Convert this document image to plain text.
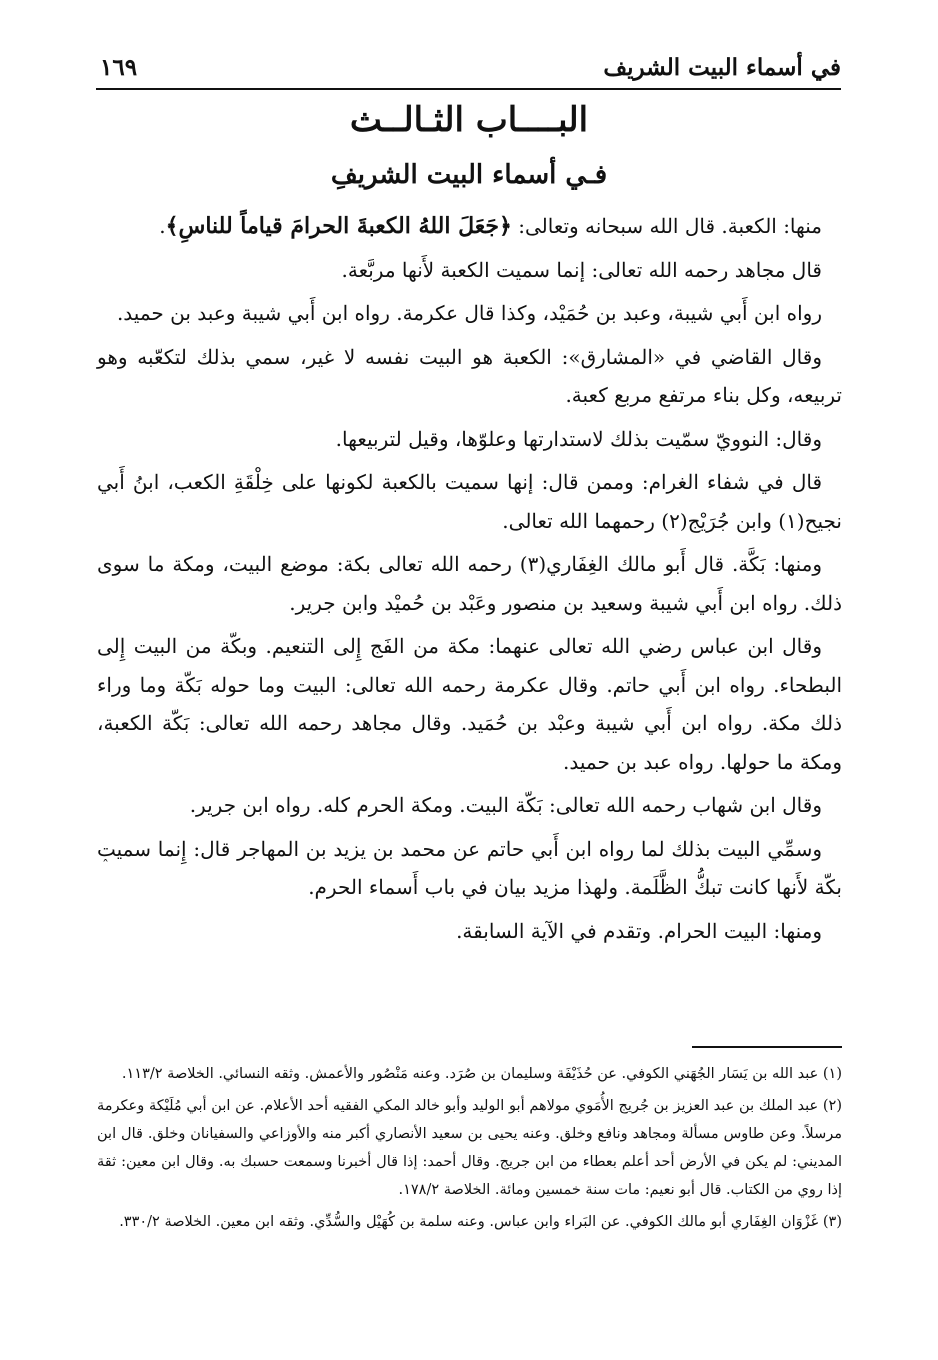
في أسماء البيت الشريف
١٦٩
البــــاب الثـالــث
فـي أسماء البيت الشريفِ

منها: الكعبة. قال الله سبحانه وتعالى: ﴿جَعَلَ اللهُ الكعبةَ الحرامَ قياماً للناسِ﴾.

قال مجاهد رحمه الله تعالى: إنما سميت الكعبة لأَنها مربَّعة.

رواه ابن أَبي شيبة، وعبد بن حُمَيْد، وكذا قال عكرمة. رواه ابن أَبي شيبة وعبد بن حميد.

وقال القاضي في «المشارق»: الكعبة هو البيت نفسه لا غير، سمي بذلك لتكعّبه وهو تربيعه، وكل بناء مرتفع مربع كعبة.

وقال: النوويّ سمّيت بذلك لاستدارتها وعلوّها، وقيل لتربيعها.

قال في شفاء الغرام: وممن قال: إنها سميت بالكعبة لكونها على خِلْقَةِ الكعب، ابنُ أَبي نجيح(١) وابن جُرَيْج(٢) رحمهما الله تعالى.

ومنها: بَكَّة. قال أَبو مالك الغِفَاري(٣) رحمه الله تعالى بكة: موضع البيت، ومكة ما سوى ذلك. رواه ابن أَبي شيبة وسعيد بن منصور وعَبْد بن حُميْد وابن جرير.

وقال ابن عباس رضي الله تعالى عنهما: مكة من الفَج إِلى التنعيم. وبكّة من البيت إِلى البطحاء. رواه ابن أَبي حاتم. وقال عكرمة رحمه الله تعالى: البيت وما حوله بَكّة وما وراء ذلك مكة. رواه ابن أَبي شيبة وعبْد بن حُمَيد. وقال مجاهد رحمه الله تعالى: بَكّة الكعبة، ومكة ما حولها. رواه عبد بن حميد.

وقال ابن شهاب رحمه الله تعالى: بَكّة البيت. ومكة الحرم كله. رواه ابن جرير.

وسمِّي البيت بذلك لما رواه ابن أَبي حاتم عن محمد بن يزيد بن المهاجر قال: إِنما سميت بكّة لأَنها كانت تبكُّ الظَّلَمة. ولهذا مزيد بيان في باب أَسماء الحرم.

ومنها: البيت الحرام. وتقدم في الآية السابقة.

ˆ

(١) عبد الله بن يَسَار الجُهَني الكوفي. عن حُذَيْفَة وسليمان بن صُرَد. وعنه مَنْصُور والأعمش. وثقه النسائي. الخلاصة ١١٣/٢.

(٢) عبد الملك بن عبد العزيز بن جُريج الأُمَوي مولاهم أبو الوليد وأبو خالد المكي الفقيه أحد الأعلام. عن ابن أبي مُلَيْكة وعكرمة مرسلاً. وعن طاوس مسألة ومجاهد ونافع وخلق. وعنه يحيى بن سعيد الأنصاري أكبر منه والأوزاعي والسفيانان وخلق. قال ابن المديني: لم يكن في الأرض أحد أعلم بعطاء من ابن جريج. وقال أحمد: إذا قال أخبرنا وسمعت حسبك به. وقال ابن معين: ثقة إذا روي من الكتاب. قال أبو نعيم: مات سنة خمسين ومائة. الخلاصة ١٧٨/٢.

(٣) غَزْوَان الغِفَاري أبو مالك الكوفي. عن البَراء وابن عباس. وعنه سلمة بن كُهَيْل والسُّدِّي. وثقه ابن معين. الخلاصة ٣٣٠/٢.
